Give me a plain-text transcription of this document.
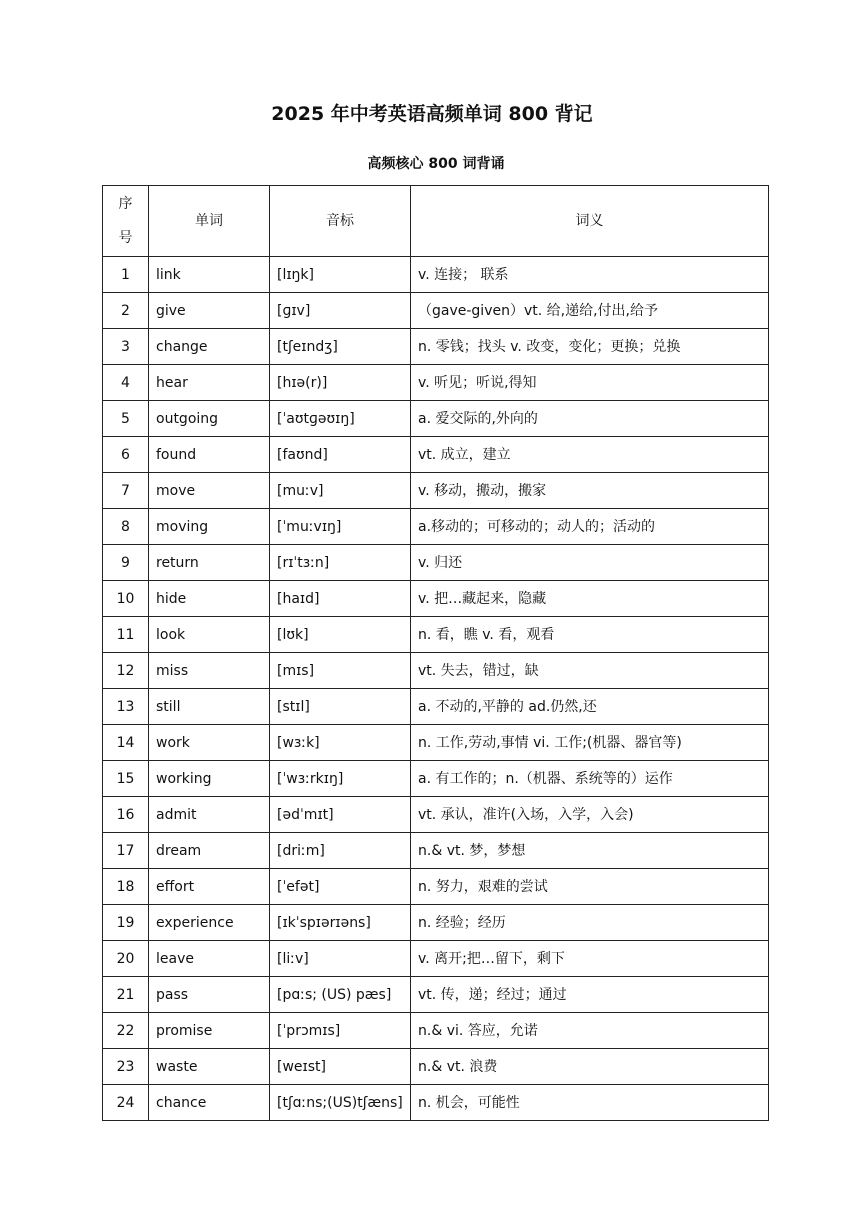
2025 年中考英语高频单词 800 背记
高频核心 800 词背诵
序
号	单词	音标	词义
1	link	[lɪŋk]	v. 连接； 联系
2	give	[ɡɪv]	（gave-given）vt. 给,递给,付出,给予
3	change	[tʃeɪndʒ]	n. 零钱；找头 v. 改变，变化；更换；兑换
4	hear	[hɪə(r)]	v. 听见；听说,得知
5	outgoing	[ˈaʊtɡəʊɪŋ]	a. 爱交际的,外向的
6	found	[faʊnd]	vt. 成立，建立
7	move	[muːv]	v. 移动，搬动，搬家
8	moving	[ˈmuːvɪŋ]	a.移动的；可移动的；动人的；活动的
9	return	[rɪˈtɜːn]	v. 归还
10	hide	[haɪd]	v. 把…藏起来，隐藏
11	look	[lʊk]	n. 看，瞧 v. 看，观看
12	miss	[mɪs]	vt. 失去，错过，缺
13	still	[stɪl]	a. 不动的,平静的 ad.仍然,还
14	work	[wɜːk]	n. 工作,劳动,事情 vi. 工作;(机器、器官等)
15	working	[ˈwɜːrkɪŋ]	a. 有工作的；n.（机器、系统等的）运作
16	admit	[ədˈmɪt]	vt. 承认，准许(入场，入学，入会)
17	dream	[driːm]	n.& vt. 梦，梦想
18	effort	[ˈefət]	n. 努力，艰难的尝试
19	experience	[ɪkˈspɪərɪəns]	n. 经验；经历
20	leave	[liːv]	v. 离开;把…留下，剩下
21	pass	[pɑːs; (US) pæs]	vt. 传，递；经过；通过
22	promise	[ˈprɔmɪs]	n.& vi. 答应，允诺
23	waste	[weɪst]	n.& vt. 浪费
24	chance	[tʃɑːns;(US)tʃæns]	n. 机会，可能性
